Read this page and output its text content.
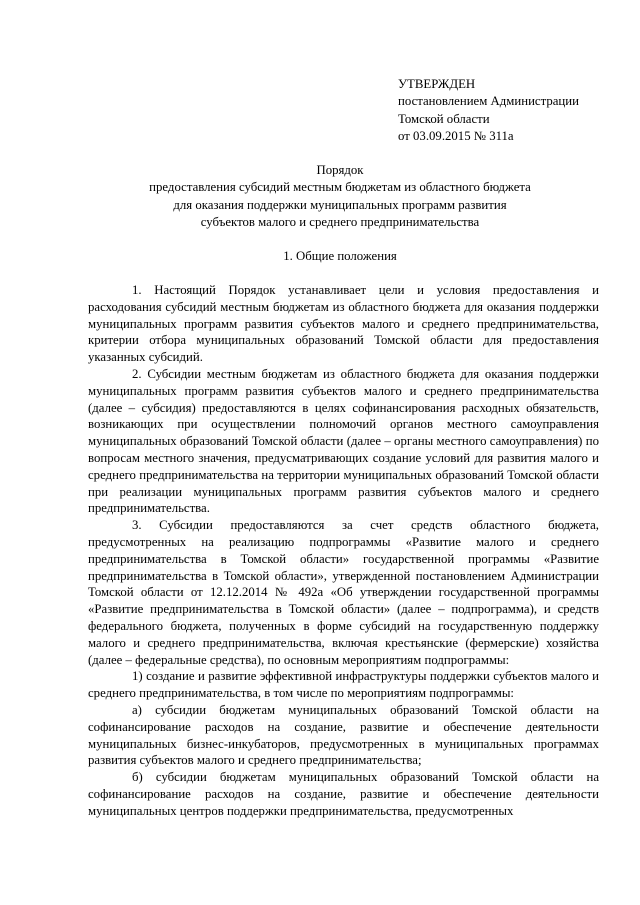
УТВЕРЖДЕН
постановлением Администрации
Томской области
от 03.09.2015 № 311а
Порядок
предоставления субсидий местным бюджетам из областного бюджета
для оказания поддержки муниципальных программ развития
субъектов малого и среднего предпринимательства
1. Общие положения

1. Настоящий Порядок устанавливает цели и условия предоставления и расходования субсидий местным бюджетам из областного бюджета для оказания поддержки муниципальных программ развития субъектов малого и среднего предпринимательства, критерии отбора муниципальных образований Томской области для предоставления указанных субсидий.

2. Субсидии местным бюджетам из областного бюджета для оказания поддержки муниципальных программ развития субъектов малого и среднего предпринимательства (далее – субсидия) предоставляются в целях софинансирования расходных обязательств, возникающих при осуществлении полномочий органов местного самоуправления муниципальных образований Томской области (далее – органы местного самоуправления) по вопросам местного значения, предусматривающих создание условий для развития малого и среднего предпринимательства на территории муниципальных образований Томской области при реализации муниципальных программ развития субъектов малого и среднего предпринимательства.

3. Субсидии предоставляются за счет средств областного бюджета, предусмотренных на реализацию подпрограммы «Развитие малого и среднего предпринимательства в Томской области» государственной программы «Развитие предпринимательства в Томской области», утвержденной постановлением Администрации Томской области от 12.12.2014 № 492а «Об утверждении государственной программы «Развитие предпринимательства в Томской области» (далее – подпрограмма), и средств федерального бюджета, полученных в форме субсидий на государственную поддержку малого и среднего предпринимательства, включая крестьянские (фермерские) хозяйства (далее – федеральные средства), по основным мероприятиям подпрограммы:

1) создание и развитие эффективной инфраструктуры поддержки субъектов малого и среднего предпринимательства, в том числе по мероприятиям подпрограммы:

а) субсидии бюджетам муниципальных образований Томской области на софинансирование расходов на создание, развитие и обеспечение деятельности муниципальных бизнес-инкубаторов, предусмотренных в муниципальных программах развития субъектов малого и среднего предпринимательства;

б) субсидии бюджетам муниципальных образований Томской области на софинансирование расходов на создание, развитие и обеспечение деятельности муниципальных центров поддержки предпринимательства, предусмотренных
